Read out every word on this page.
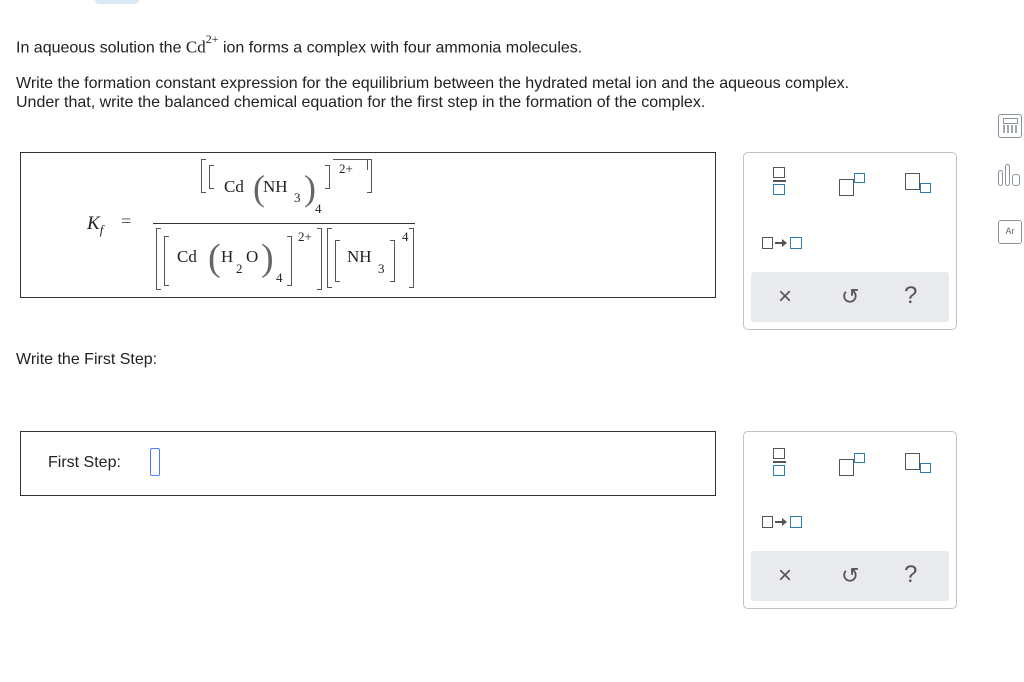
In aqueous solution the $Cd^{2+}$ ion forms a complex with four ammonia molecules.
Write the formation constant expression for the equilibrium between the hydrated metal ion and the aqueous complex.
Under that, write the balanced chemical equation for the first step in the formation of the complex.
$K_f$ =
Cd (
NH
3 )
4
2+
Cd ( H
2
O ) 4
2+
NH
3
4
× ↺ ?
Write the First Step:
First Step:
× ↺ ?
Ar
